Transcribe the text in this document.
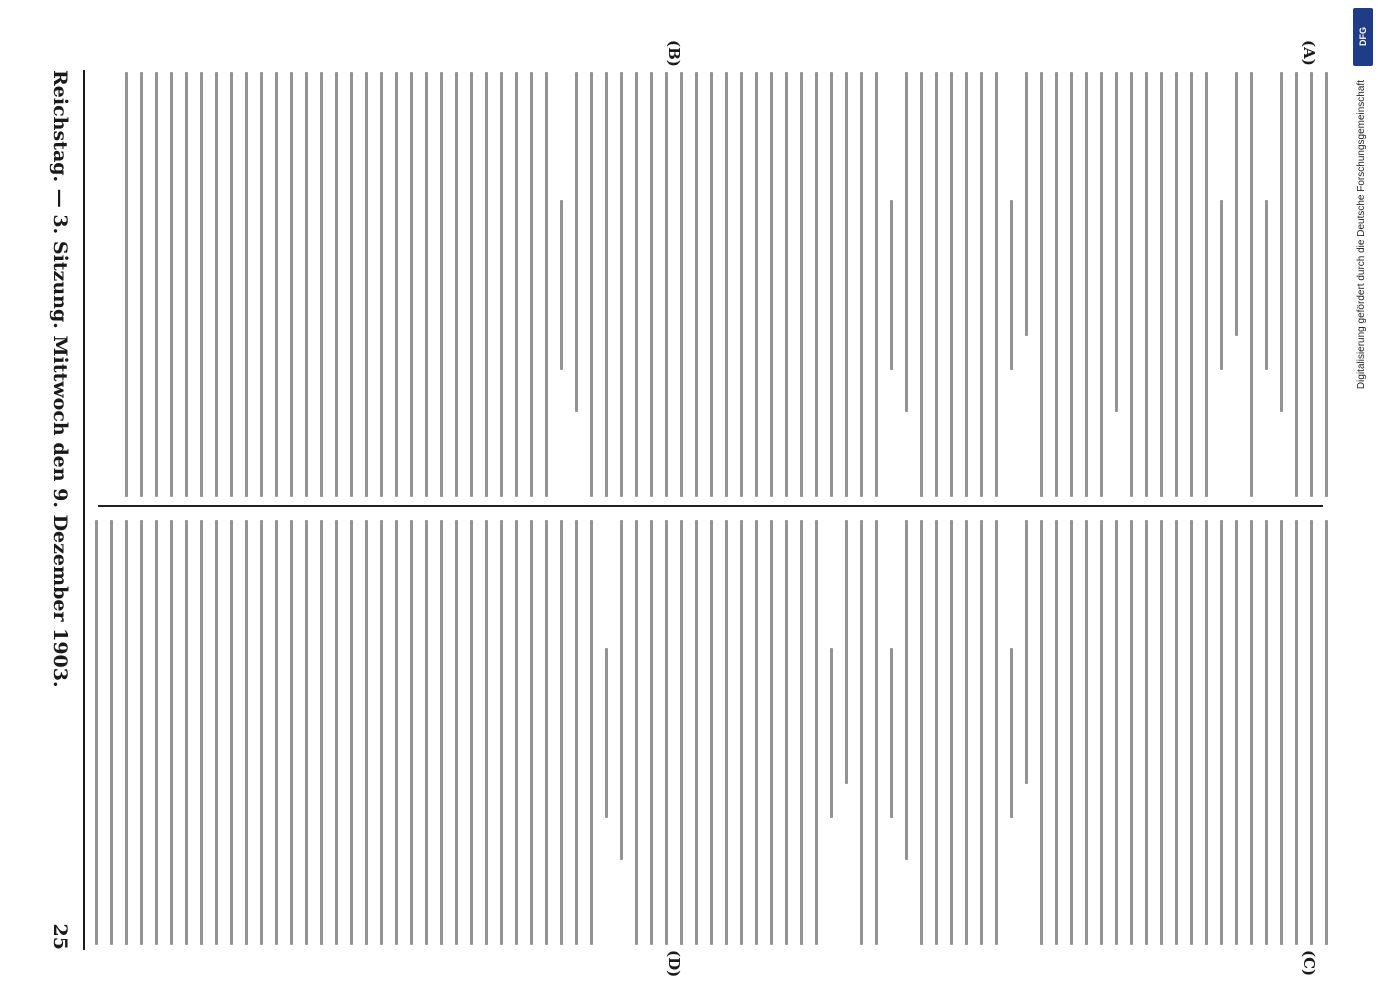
Reichstag. — 3. Sitzung. Mittwoch den 9. Dezember 1903.
25
(A)
(B)
(C)
(D)
DFG
Digitalisierung gefördert durch die Deutsche Forschungsgemeinschaft
